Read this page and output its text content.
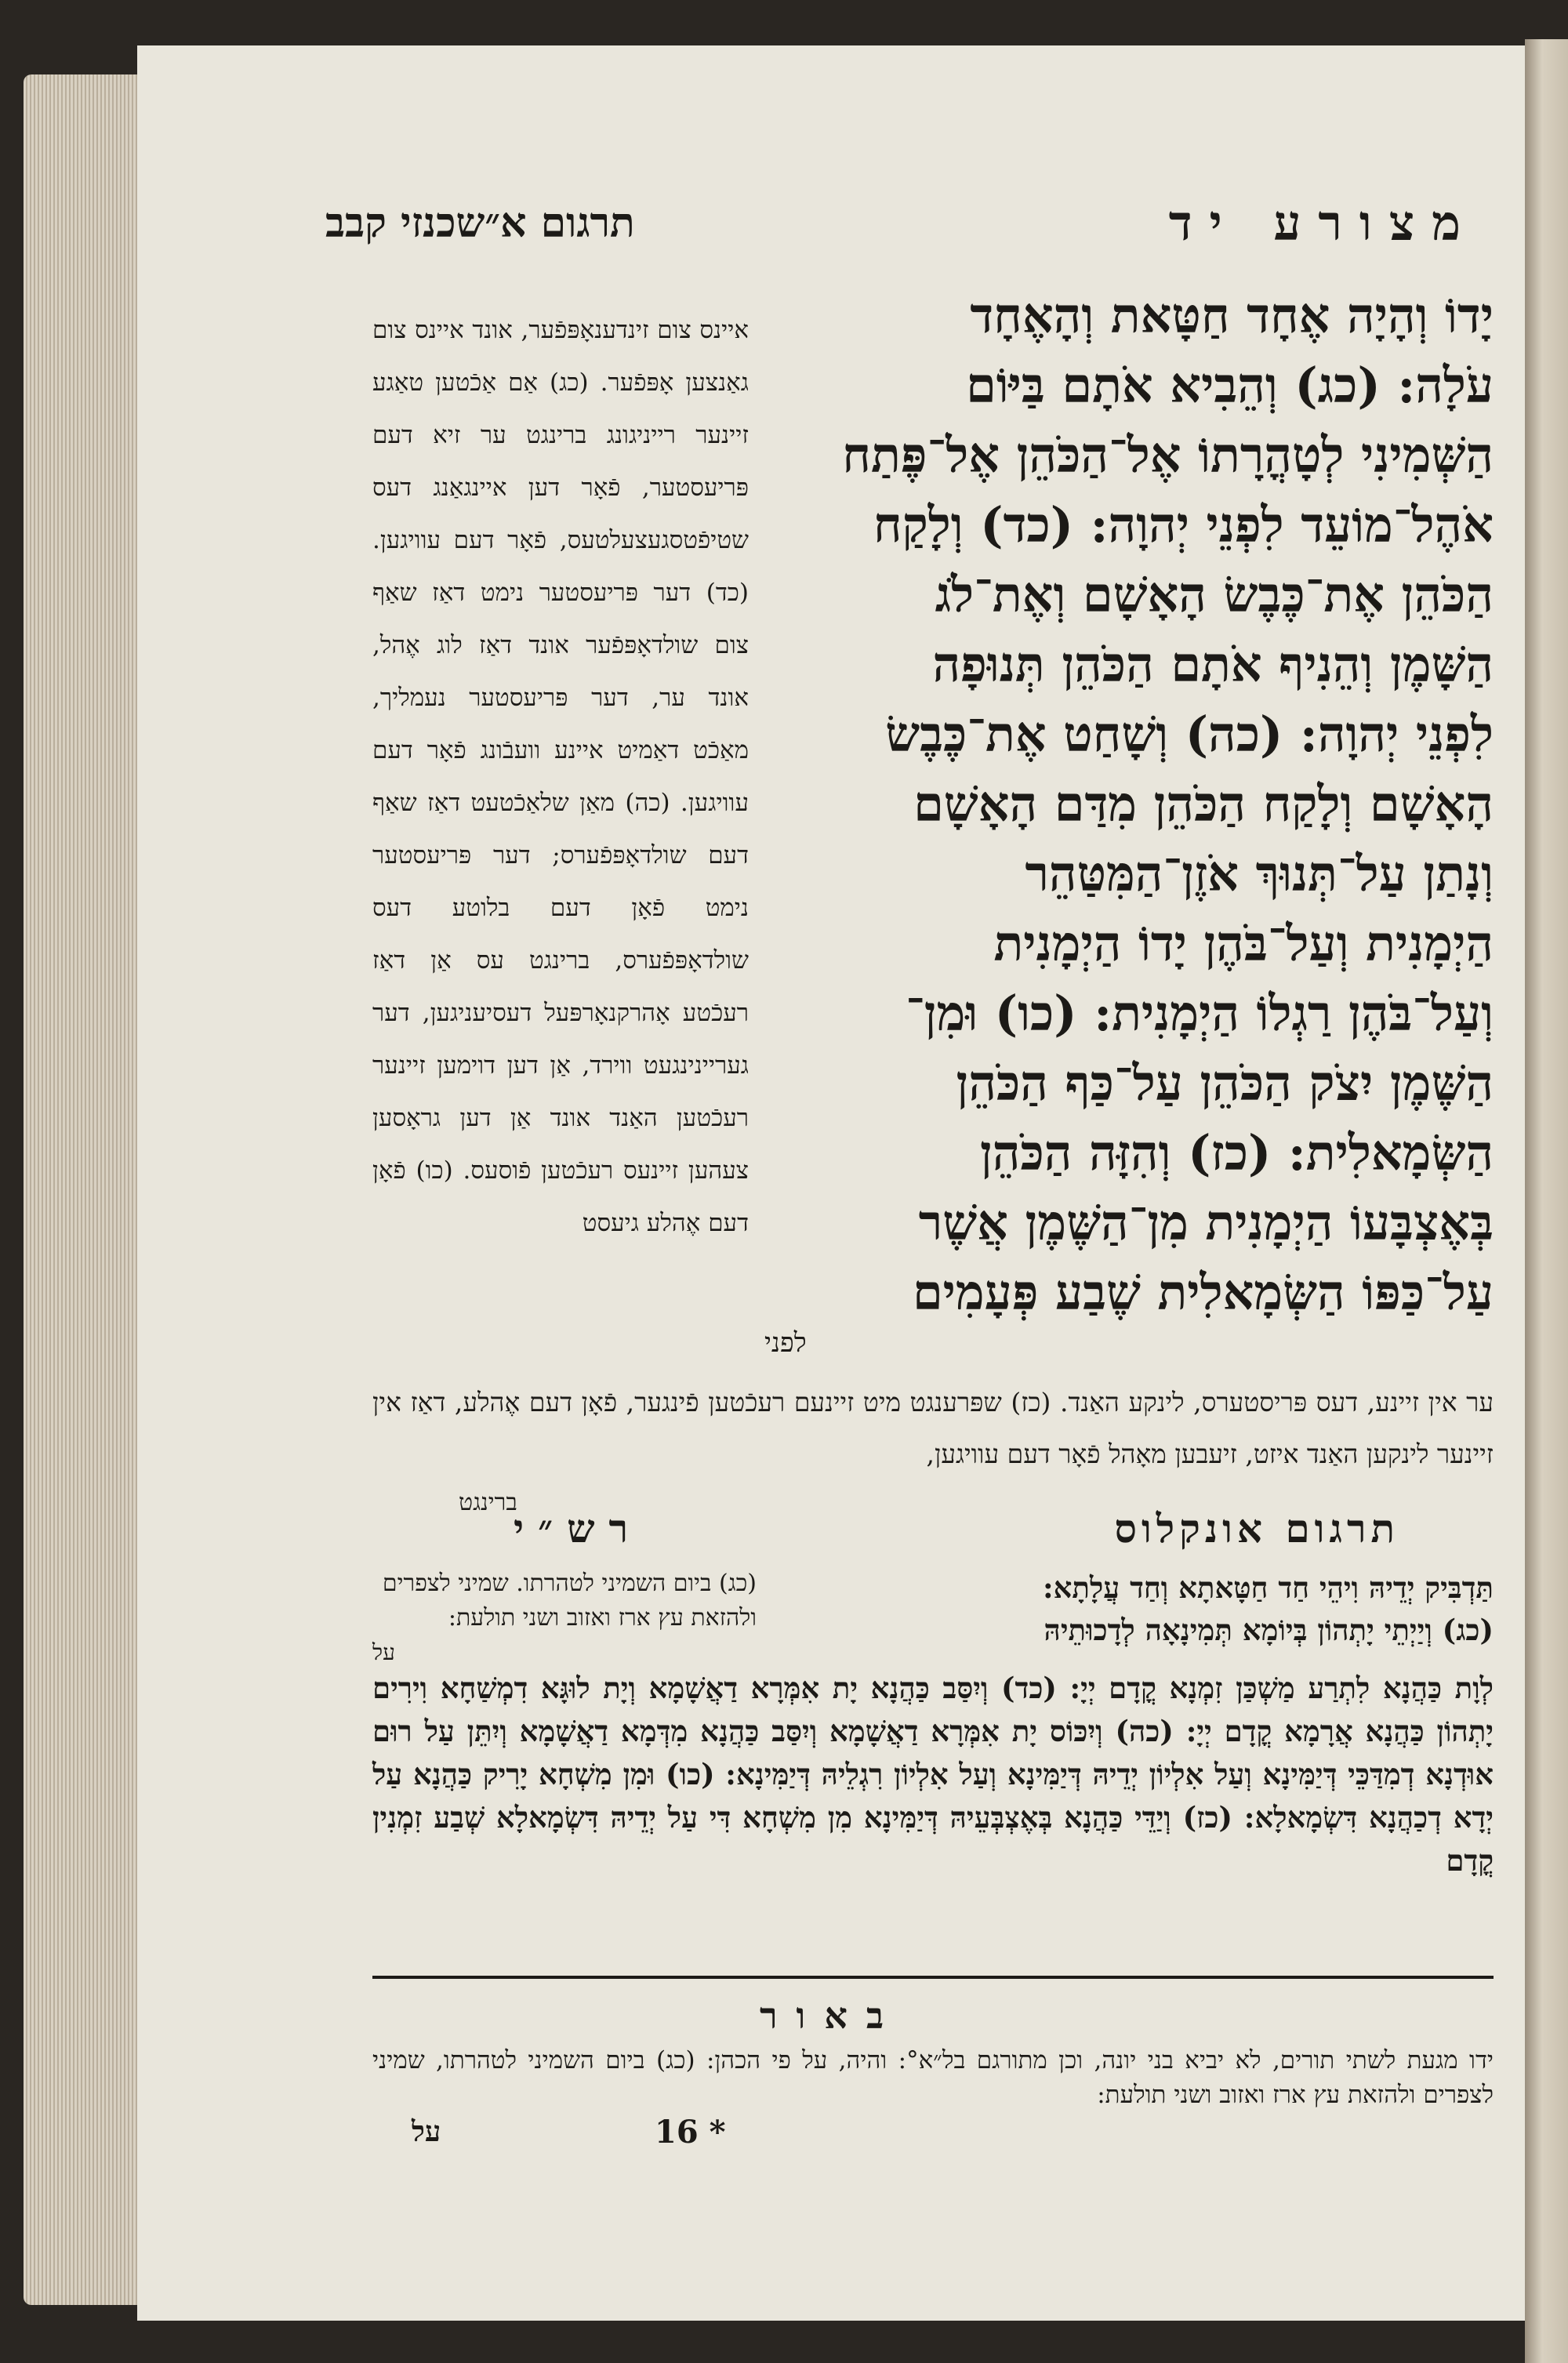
מצורע יד
תרגום א״שכנזי קבב
יָדוֹ וְהָיָה אֶחָד חַטָּאת וְהָאֶחָד
עֹלָה: (כג) וְהֵבִיא אֹתָם בַּיּוֹם
הַשְּׁמִינִי לְטָהֳרָתוֹ אֶל־הַכֹּהֵן אֶל־פֶּתַח
אֹהֶל־מוֹעֵד לִפְנֵי יְהוָה: (כד) וְלָקַח
הַכֹּהֵן אֶת־כֶּבֶשׂ הָאָשָׁם וְאֶת־לֹג
הַשָּׁמֶן וְהֵנִיף אֹתָם הַכֹּהֵן תְּנוּפָה
לִפְנֵי יְהוָה: (כה) וְשָׁחַט אֶת־כֶּבֶשׂ
הָאָשָׁם וְלָקַח הַכֹּהֵן מִדַּם הָאָשָׁם
וְנָתַן עַל־תְּנוּךְ אֹזֶן־הַמִּטַּהֵר
הַיְמָנִית וְעַל־בֹּהֶן יָדוֹ הַיְמָנִית
וְעַל־בֹּהֶן רַגְלוֹ הַיְמָנִית: (כו) וּמִן־
הַשֶּׁמֶן יִצֹק הַכֹּהֵן עַל־כַּף הַכֹּהֵן
הַשְּׂמָאלִית: (כז) וְהִזָּה הַכֹּהֵן
בְּאֶצְבָּעוֹ הַיְמָנִית מִן־הַשֶּׁמֶן אֲשֶׁר
עַל־כַּפּוֹ הַשְּׂמָאלִית שֶׁבַע פְּעָמִים
לפני
איינס צום זינדענאָפּפֿער, אונד איינס צום גאַנצען אָפּפֿער. (כג) אַם אַכֿטען טאַגע זיינער רייניגונג ברינגט ער זיא דעם פּריעסטער, פֿאָר דען איינגאַנג דעס שטיפֿטסגעצעלטעס, פֿאָר דעם עוויגען. (כד) דער פּריעסטער נימט דאַז שאַף צום שולדאָפּפֿער אונד דאַז לוג אֶהל, אונד ער, דער פּריעסטער נעמליך, מאַכֿט דאַמיט איינע וועבֿונג פֿאָר דעם עוויגען. (כה) מאַן שלאַכֿטעט דאַז שאַף דעם שולדאָפּפֿערס; דער פּריעסטער נימט פֿאָן דעם בלוטע דעס שולדאָפּפֿערס, ברינגט עס אַן דאַז רעכֿטע אָהרקנאָרפּעל דעסיעניגען, דער געריינינגעט ווירד, אַן דען דוימען זיינער רעכֿטען האַנד אונד אַן דען גראָסען צעהען זיינעס רעכֿטען פֿוסעס. (כו) פֿאָן דעם אֶהלע גיעסט
ער אין זיינע, דעס פּריסטערס, לינקע האַנד. (כז) שפּרענגט מיט זיינעם רעכֿטען פֿינגער, פֿאָן דעם אֶהלע, דאַז אין זיינער לינקען האַנד איזט, זיעבען מאָהל פֿאָר דעם עוויגען,
ברינגט
תרגום אונקלוס
רש״י
(כג) ביום השמיני לטהרתו. שמיני לצפרים ולהזאת עץ ארז ואזוב ושני תולעת:
על
תַּדְבִּיק יְדֵיהּ וִיהֵי חַד חַטָּאתָא וְחַד עֲלָתָא:
(כג) וְיַיְתֵי יָתְהוֹן בְּיוֹמָא תְּמִינָאָה לְדָכוּתֵיהּ
לְוָת כַּהֲנָא לִתְרַע מַשְׁכַּן זִמְנָא קֳדָם יְיָ: (כד) וְיִסַּב כַּהֲנָא יָת אִמְּרָא דַאֲשָׁמָא וְיָת לוּגָּא דִמְשַׁחָא וִירִים יָתְהוֹן כַּהֲנָא אֲרָמָא קֳדָם יְיָ: (כה) וְיִכּוֹס יָת אִמְּרָא דַאֲשָׁמָא וְיִסַּב כַּהֲנָא מִדְּמָא דַאֲשָׁמָא וְיִתֵּן עַל רוּם אוּדְנָא דְמִדַּכֵּי דְּיַמִּינָא וְעַל אִלְיוֹן יְדֵיהּ דְּיַמִּינָא וְעַל אִלְיוֹן רִגְלֵיהּ דְּיַמִּינָא: (כו) וּמִן מִשְׁחָא יָרִיק כַּהֲנָא עַל יְדָא דְכַהֲנָא דִּשְׂמָאלָא: (כז) וְיַדֵּי כַּהֲנָא בְּאֶצְבְּעֵיהּ דְּיַמִּינָא מִן מִשְׁחָא דִּי עַל יְדֵיהּ דִּשְׂמָאלָא שְׁבַע זִמְנִין קֳדָם
באור
ידו מגעת לשתי תורים, לא יביא בני יונה, וכן מתורגם בל״א°: והיה, על פי הכהן: (כג) ביום השמיני לטהרתו, שמיני לצפרים ולהזאת עץ ארז ואזוב ושני תולעת:
16 *
על
